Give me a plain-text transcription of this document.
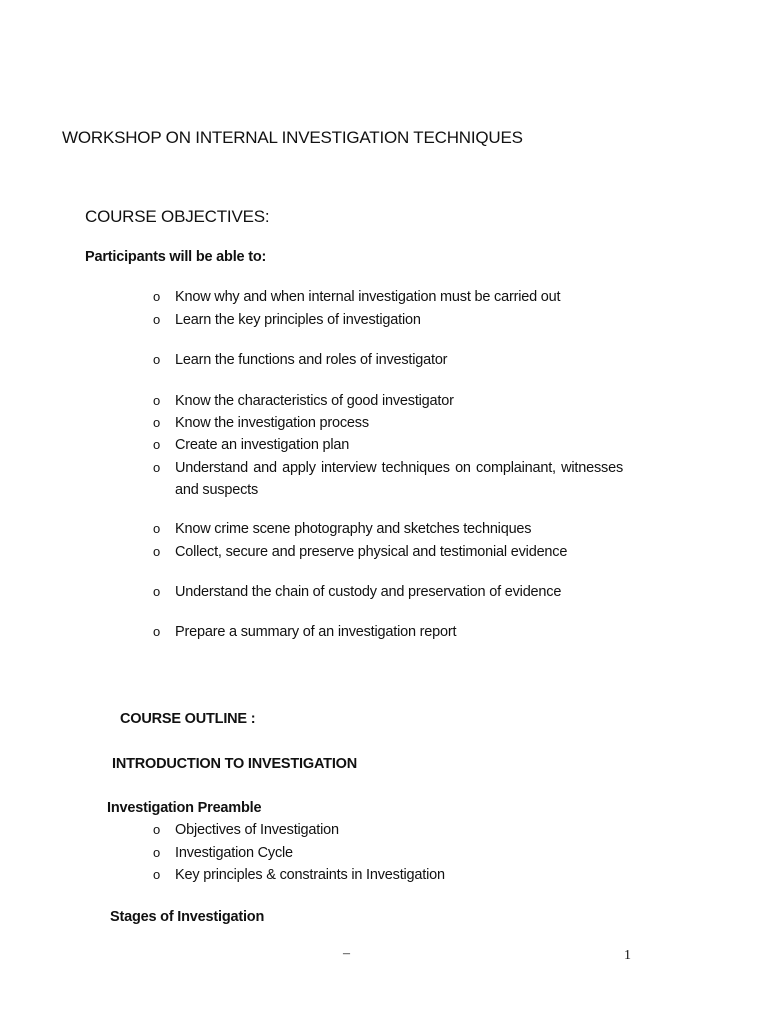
WORKSHOP ON INTERNAL INVESTIGATION TECHNIQUES
COURSE OBJECTIVES:
Participants will be able to:
o Know why and when internal investigation must be carried out
o Learn the key principles of investigation
o Learn the functions and roles of investigator
o Know the characteristics of good investigator
o Know the investigation process
o Create an investigation plan
o Understand and apply interview techniques on complainant, witnesses and suspects
o Know crime scene photography and sketches techniques
o Collect, secure and preserve physical and testimonial evidence
o Understand the chain of custody and preservation of evidence
o Prepare a summary of an investigation report
COURSE OUTLINE :
INTRODUCTION TO INVESTIGATION
Investigation Preamble
o Objectives of Investigation
o Investigation Cycle
o Key principles & constraints in Investigation
Stages of Investigation
–	1
